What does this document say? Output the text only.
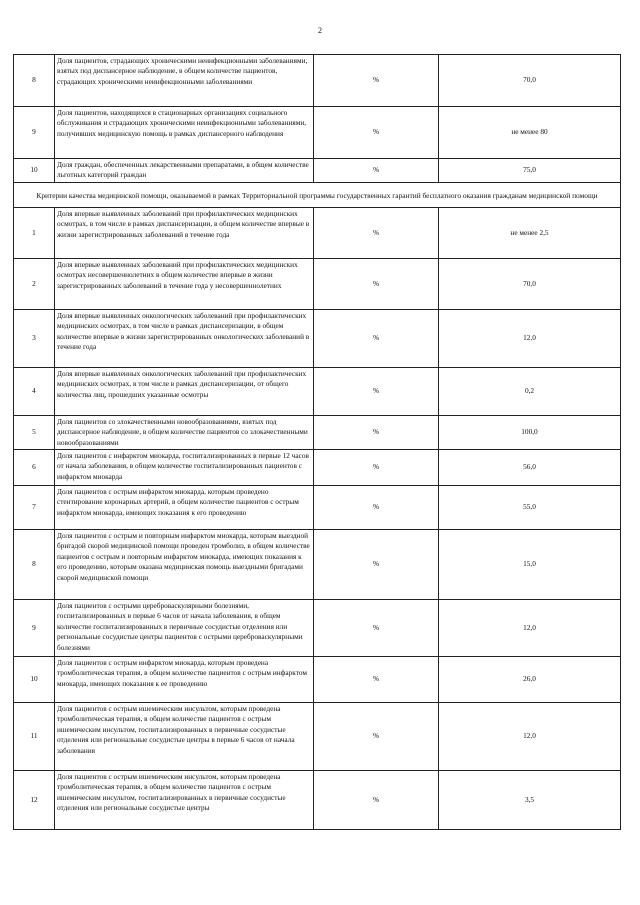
2
8	Доля пациентов, страдающих хроническими неинфекционными заболеваниями, взятых под диспансерное наблюдение, в общем количестве пациентов, страдающих хроническими неинфекционными заболеваниями	%	70,0
9	Доля пациентов, находящихся в стационарных организациях социального обслуживания и страдающих хроническими неинфекционными заболеваниями, получивших медицинскую помощь в рамках диспансерного наблюдения	%	не менее 80
10	Доля граждан, обеспеченных лекарственными препаратами, в общем количестве льготных категорий граждан	%	75,0
Критерии качества медицинской помощи, оказываемой в рамках Территориальной программы государственных гарантий бесплатного оказания гражданам медицинской помощи			
1	Доля впервые выявленных заболеваний при профилактических медицинских осмотрах, в том числе в рамках диспансеризации, в общем количестве впервые в жизни зарегистрированных заболеваний в течение года	%	не менее 2,5
2	Доля впервые выявленных заболеваний при профилактических медицинских осмотрах несовершеннолетних в общем количестве впервые в жизни зарегистрированных заболеваний в течение года у несовершеннолетних	%	70,0
3	Доля впервые выявленных онкологических заболеваний при профилактических медицинских осмотрах, в том числе в рамках диспансеризации, в общем количестве впервые в жизни зарегистрированных онкологических заболеваний в течение года	%	12,0
4	Доля впервые выявленных онкологических заболеваний при профилактических медицинских осмотрах, в том числе в рамках диспансеризации, от общего количества лиц, прошедших указанные осмотры	%	0,2
5	Доля пациентов со злокачественными новообразованиями, взятых под диспансерное наблюдение, в общем количестве пациентов со злокачественными новообразованиями	%	100,0
6	Доля пациентов с инфарктом миокарда, госпитализированных в первые 12 часов от начала заболевания, в общем количестве госпитализированных пациентов с инфарктом миокарда	%	56,0
7	Доля пациентов с острым инфарктом миокарда, которым проведено стентирование коронарных артерий, в общем количестве пациентов с острым инфарктом миокарда, имеющих показания к его проведению	%	55,0
8	Доля пациентов с острым и повторным инфарктом миокарда, которым выездной бригадой скорой медицинской помощи проведен тромболиз, в общем количестве пациентов с острым и повторным инфарктом миокарда, имеющих показания к его проведению, которым оказана медицинская помощь выездными бригадами скорой медицинской помощи	%	15,0
9	Доля пациентов с острыми цереброваскулярными болезнями, госпитализированных в первые 6 часов от начала заболевания, в общем количестве госпитализированных в первичные сосудистые отделения или региональные сосудистые центры пациентов с острыми цереброваскулярными болезнями	%	12,0
10	Доля пациентов с острым инфарктом миокарда, которым проведена тромболитическая терапия, в общем количестве пациентов с острым инфарктом миокарда, имеющих показания к ее проведению	%	26,0
11	Доля пациентов с острым ишемическим инсультом, которым проведена тромболитическая терапия, в общем количестве пациентов с острым ишемическим инсультом, госпитализированных в первичные сосудистые отделения или региональные сосудистые центры в первые 6 часов от начала заболевания	%	12,0
12	Доля пациентов с острым ишемическим инсультом, которым проведена тромболитическая терапия, в общем количестве пациентов с острым ишемическим инсультом, госпитализированных в первичные сосудистые отделения или региональные сосудистые центры	%	3,5
